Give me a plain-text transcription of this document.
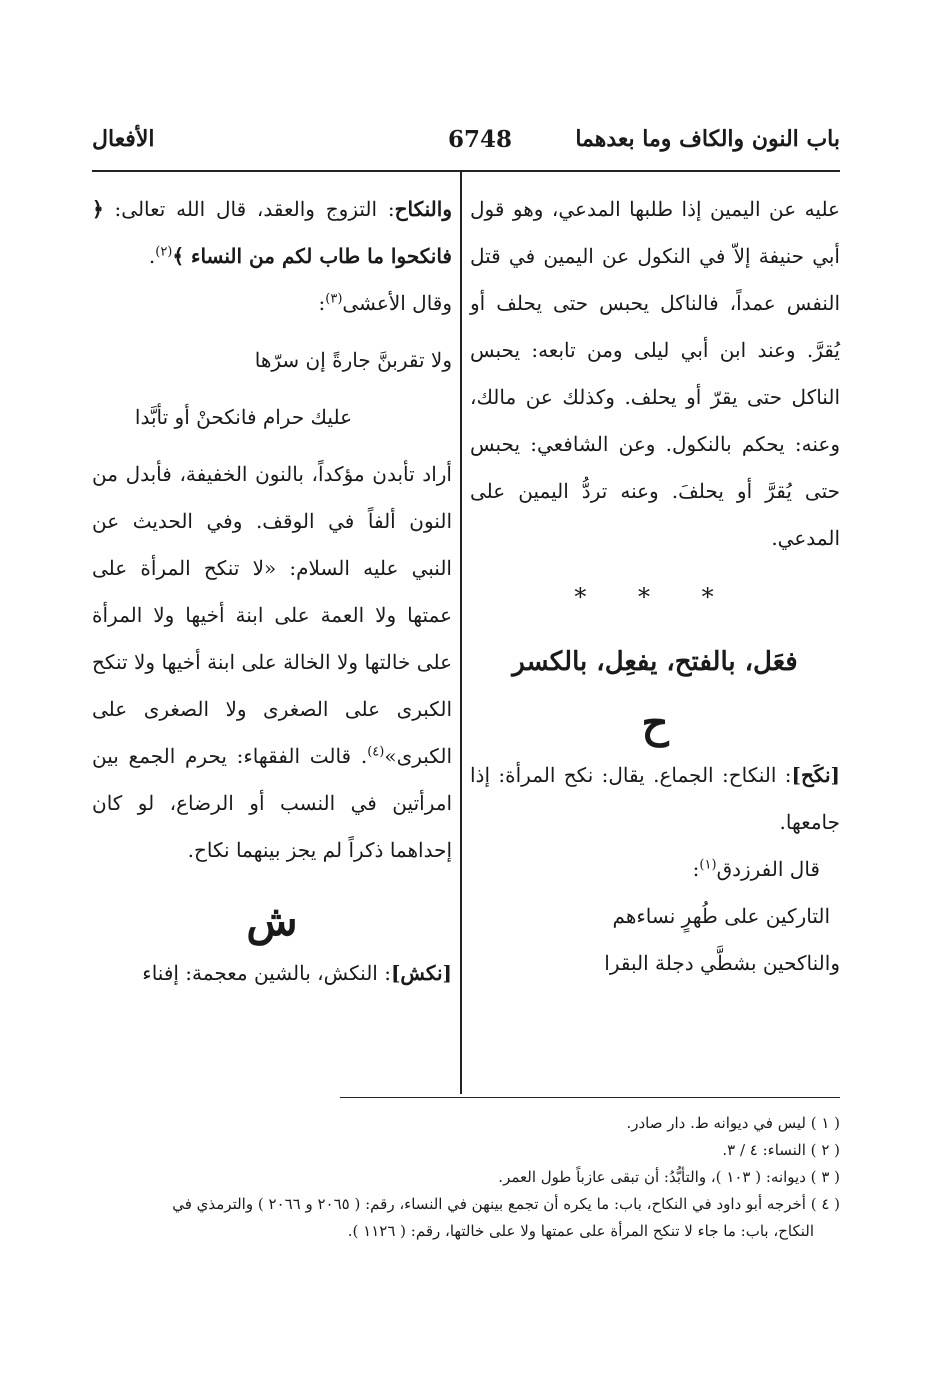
باب النون والكاف وما بعدهما
6748
الأفعال

عليه عن اليمين إذا طلبها المدعي، وهو قول أبي حنيفة إلاّ في النكول عن اليمين في قتل النفس عمداً، فالناكل يحبس حتى يحلف أو يُقرَّ. وعند ابن أبي ليلى ومن تابعه: يحبس الناكل حتى يقرّ أو يحلف. وكذلك عن مالك، وعنه: يحكم بالنكول. وعن الشافعي: يحبس حتى يُقرَّ أو يحلفَ. وعنه تردُّ اليمين على المدعي.

* * *
فعَل، بالفتح، يفعِل، بالكسر
ح

[نكَح]: النكاح: الجماع. يقال: نكح المرأة: إذا جامعها.

قال الفرزدق$^{(١)}$:

التاركين على طُهرٍ نساءهم

والناكحين بشطَّي دجلة البقرا

والنكاح: التزوج والعقد، قال الله تعالى: ﴿ فانكحوا ما طاب لكم من النساء ﴾$^{(٢)}$.

وقال الأعشى$^{(٣)}$:

ولا تقربنَّ جارةً إن سرّها

عليك حرام فانكحنْ أو تأبَّدا

أراد تأبدن مؤكداً، بالنون الخفيفة، فأبدل من النون ألفاً في الوقف. وفي الحديث عن النبي عليه السلام: «لا تنكح المرأة على عمتها ولا العمة على ابنة أخيها ولا المرأة على خالتها ولا الخالة على ابنة أخيها ولا تنكح الكبرى على الصغرى ولا الصغرى على الكبرى»$^{(٤)}$. قالت الفقهاء: يحرم الجمع بين امرأتين في النسب أو الرضاع، لو كان إحداهما ذكراً لم يجز بينهما نكاح.

ش

[نكش]: النكش، بالشين معجمة: إفناء

( ١ ) ليس في ديوانه ط. دار صادر.
( ٢ ) النساء: ٤ / ٣.
( ٣ ) ديوانه: ( ١٠٣ )، والتأبُّدُ: أن تبقى عازباً طول العمر.
( ٤ ) أخرجه أبو داود في النكاح، باب: ما يكره أن تجمع بينهن في النساء، رقم: ( ٢٠٦٥ و ٢٠٦٦ ) والترمذي في
النكاح، باب: ما جاء لا تنكح المرأة على عمتها ولا على خالتها، رقم: ( ١١٢٦ ).
